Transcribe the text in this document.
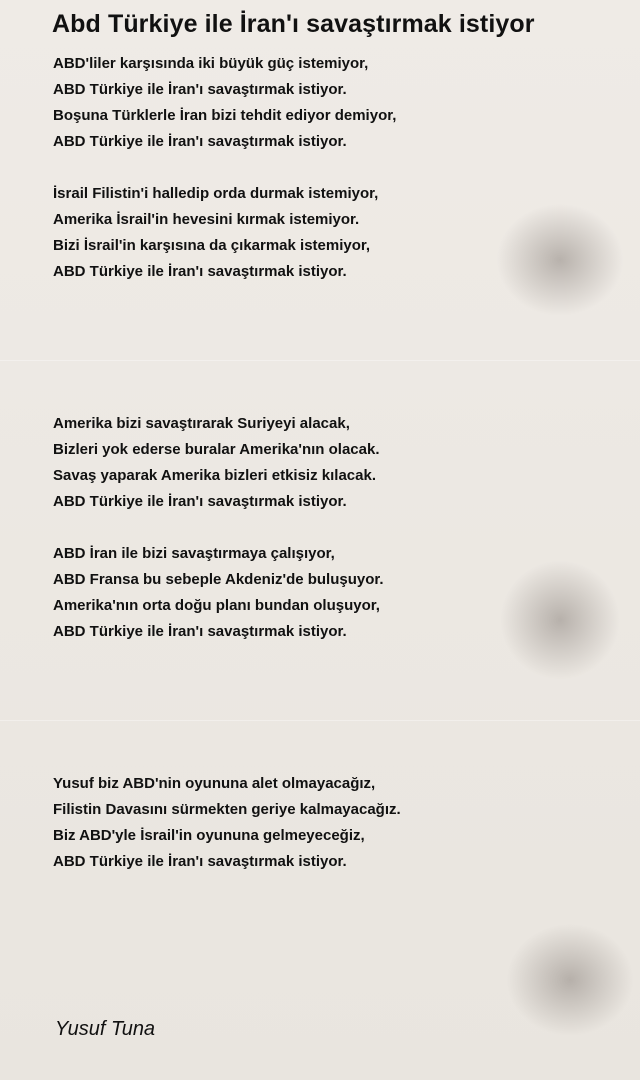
Abd Türkiye ile İran'ı savaştırmak istiyor

ABD'liler karşısında iki büyük güç istemiyor,
ABD Türkiye ile İran'ı savaştırmak istiyor.
Boşuna Türklerle İran bizi tehdit ediyor demiyor,
ABD Türkiye ile İran'ı savaştırmak istiyor.

İsrail Filistin'i halledip orda durmak istemiyor,
Amerika İsrail'in hevesini kırmak istemiyor.
Bizi İsrail'in karşısına da çıkarmak istemiyor,
ABD Türkiye ile İran'ı savaştırmak istiyor.

Amerika bizi savaştırarak Suriyeyi alacak,
Bizleri yok ederse buralar Amerika'nın olacak.
Savaş yaparak Amerika bizleri etkisiz kılacak.
ABD Türkiye ile İran'ı savaştırmak istiyor.

ABD İran ile bizi savaştırmaya çalışıyor,
ABD Fransa bu sebeple Akdeniz'de buluşuyor.
Amerika'nın orta doğu planı bundan oluşuyor,
ABD Türkiye ile İran'ı savaştırmak istiyor.

Yusuf biz ABD'nin oyununa alet olmayacağız,
Filistin Davasını sürmekten geriye kalmayacağız.
Biz ABD'yle İsrail'in oyununa gelmeyeceğiz,
ABD Türkiye ile İran'ı savaştırmak istiyor.

Yusuf Tuna
